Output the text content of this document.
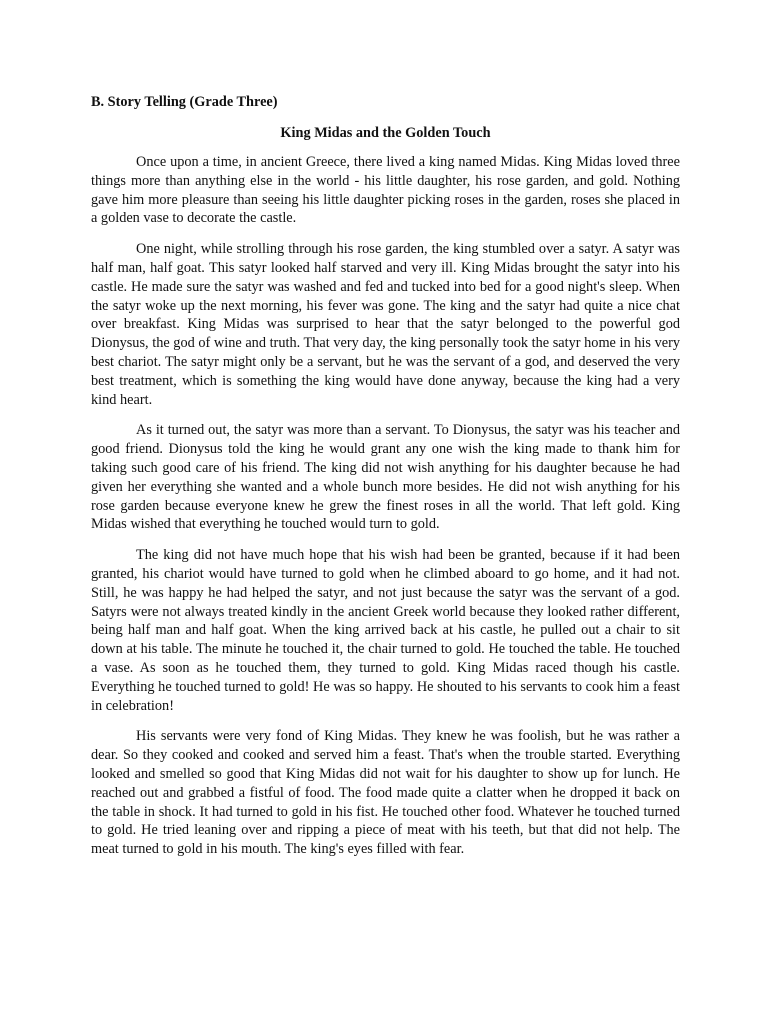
B. Story Telling (Grade Three)
King Midas and the Golden Touch

Once upon a time, in ancient Greece, there lived a king named Midas. King Midas loved three things more than anything else in the world - his little daughter, his rose garden, and gold. Nothing gave him more pleasure than seeing his little daughter picking roses in the garden, roses she placed in a golden vase to decorate the castle.

One night, while strolling through his rose garden, the king stumbled over a satyr. A satyr was half man, half goat. This satyr looked half starved and very ill. King Midas brought the satyr into his castle. He made sure the satyr was washed and fed and tucked into bed for a good night's sleep. When the satyr woke up the next morning, his fever was gone. The king and the satyr had quite a nice chat over breakfast. King Midas was surprised to hear that the satyr belonged to the powerful god Dionysus, the god of wine and truth. That very day, the king personally took the satyr home in his very best chariot. The satyr might only be a servant, but he was the servant of a god, and deserved the very best treatment, which is something the king would have done anyway, because the king had a very kind heart.

As it turned out, the satyr was more than a servant. To Dionysus, the satyr was his teacher and good friend. Dionysus told the king he would grant any one wish the king made to thank him for taking such good care of his friend. The king did not wish anything for his daughter because he had given her everything she wanted and a whole bunch more besides. He did not wish anything for his rose garden because everyone knew he grew the finest roses in all the world. That left gold. King Midas wished that everything he touched would turn to gold.

The king did not have much hope that his wish had been be granted, because if it had been granted, his chariot would have turned to gold when he climbed aboard to go home, and it had not. Still, he was happy he had helped the satyr, and not just because the satyr was the servant of a god. Satyrs were not always treated kindly in the ancient Greek world because they looked rather different, being half man and half goat. When the king arrived back at his castle, he pulled out a chair to sit down at his table. The minute he touched it, the chair turned to gold. He touched the table. He touched a vase. As soon as he touched them, they turned to gold. King Midas raced though his castle. Everything he touched turned to gold! He was so happy. He shouted to his servants to cook him a feast in celebration!

His servants were very fond of King Midas. They knew he was foolish, but he was rather a dear. So they cooked and cooked and served him a feast. That's when the trouble started. Everything looked and smelled so good that King Midas did not wait for his daughter to show up for lunch. He reached out and grabbed a fistful of food. The food made quite a clatter when he dropped it back on the table in shock. It had turned to gold in his fist. He touched other food. Whatever he touched turned to gold. He tried leaning over and ripping a piece of meat with his teeth, but that did not help. The meat turned to gold in his mouth. The king's eyes filled with fear.
